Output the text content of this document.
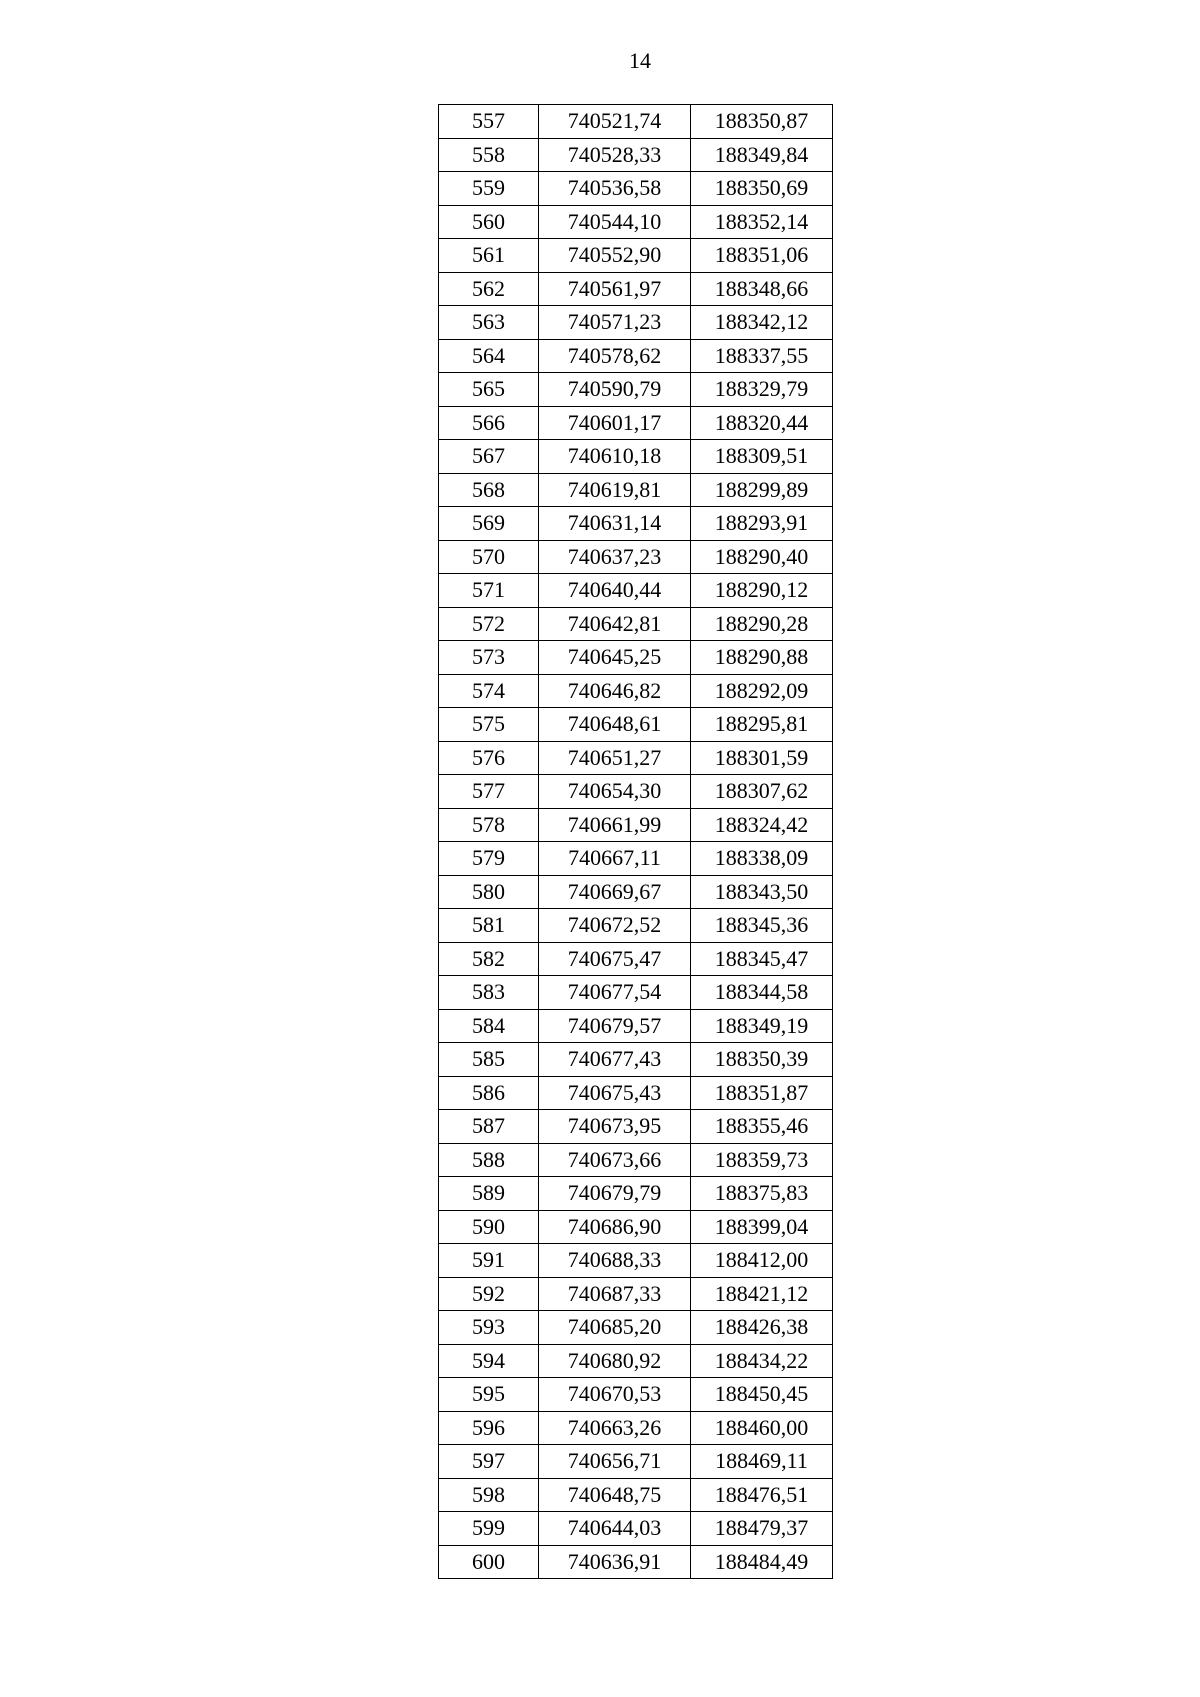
14
557	740521,74	188350,87
558	740528,33	188349,84
559	740536,58	188350,69
560	740544,10	188352,14
561	740552,90	188351,06
562	740561,97	188348,66
563	740571,23	188342,12
564	740578,62	188337,55
565	740590,79	188329,79
566	740601,17	188320,44
567	740610,18	188309,51
568	740619,81	188299,89
569	740631,14	188293,91
570	740637,23	188290,40
571	740640,44	188290,12
572	740642,81	188290,28
573	740645,25	188290,88
574	740646,82	188292,09
575	740648,61	188295,81
576	740651,27	188301,59
577	740654,30	188307,62
578	740661,99	188324,42
579	740667,11	188338,09
580	740669,67	188343,50
581	740672,52	188345,36
582	740675,47	188345,47
583	740677,54	188344,58
584	740679,57	188349,19
585	740677,43	188350,39
586	740675,43	188351,87
587	740673,95	188355,46
588	740673,66	188359,73
589	740679,79	188375,83
590	740686,90	188399,04
591	740688,33	188412,00
592	740687,33	188421,12
593	740685,20	188426,38
594	740680,92	188434,22
595	740670,53	188450,45
596	740663,26	188460,00
597	740656,71	188469,11
598	740648,75	188476,51
599	740644,03	188479,37
600	740636,91	188484,49
